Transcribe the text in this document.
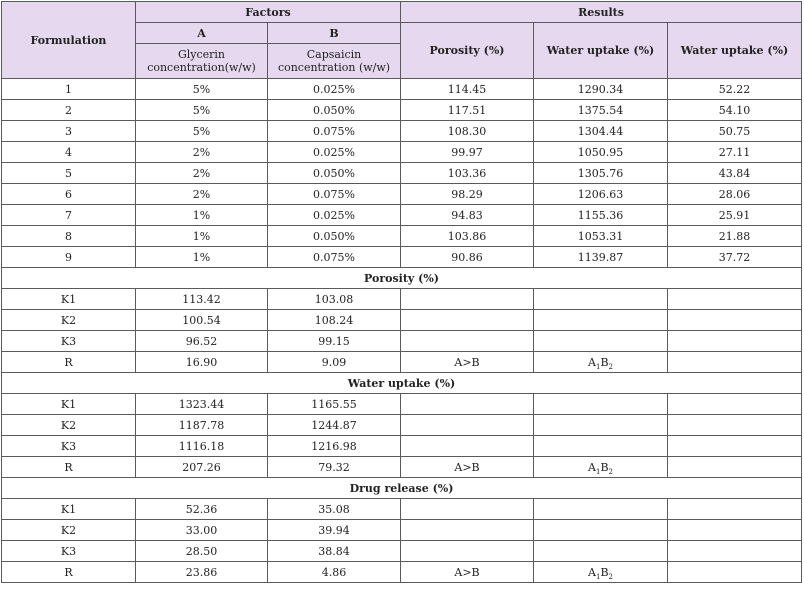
Formulation	Factors		Results		
	A	B	Porosity (%)	Water uptake (%)	Water uptake (%)
	Glycerin concentration(w/w)	Capsaicin concentration (w/w)			
1	5%	0.025%	114.45	1290.34	52.22
2	5%	0.050%	117.51	1375.54	54.10
3	5%	0.075%	108.30	1304.44	50.75
4	2%	0.025%	99.97	1050.95	27.11
5	2%	0.050%	103.36	1305.76	43.84
6	2%	0.075%	98.29	1206.63	28.06
7	1%	0.025%	94.83	1155.36	25.91
8	1%	0.050%	103.86	1053.31	21.88
9	1%	0.075%	90.86	1139.87	37.72
Porosity (%)					
K1	113.42	103.08			
K2	100.54	108.24			
K3	96.52	99.15			
R	16.90	9.09	A>B	$A_1B_2$	
Water uptake (%)					
K1	1323.44	1165.55			
K2	1187.78	1244.87			
K3	1116.18	1216.98			
R	207.26	79.32	A>B	$A_1B_2$	
Drug release (%)					
K1	52.36	35.08			
K2	33.00	39.94			
K3	28.50	38.84			
R	23.86	4.86	A>B	$A_1B_2$	
